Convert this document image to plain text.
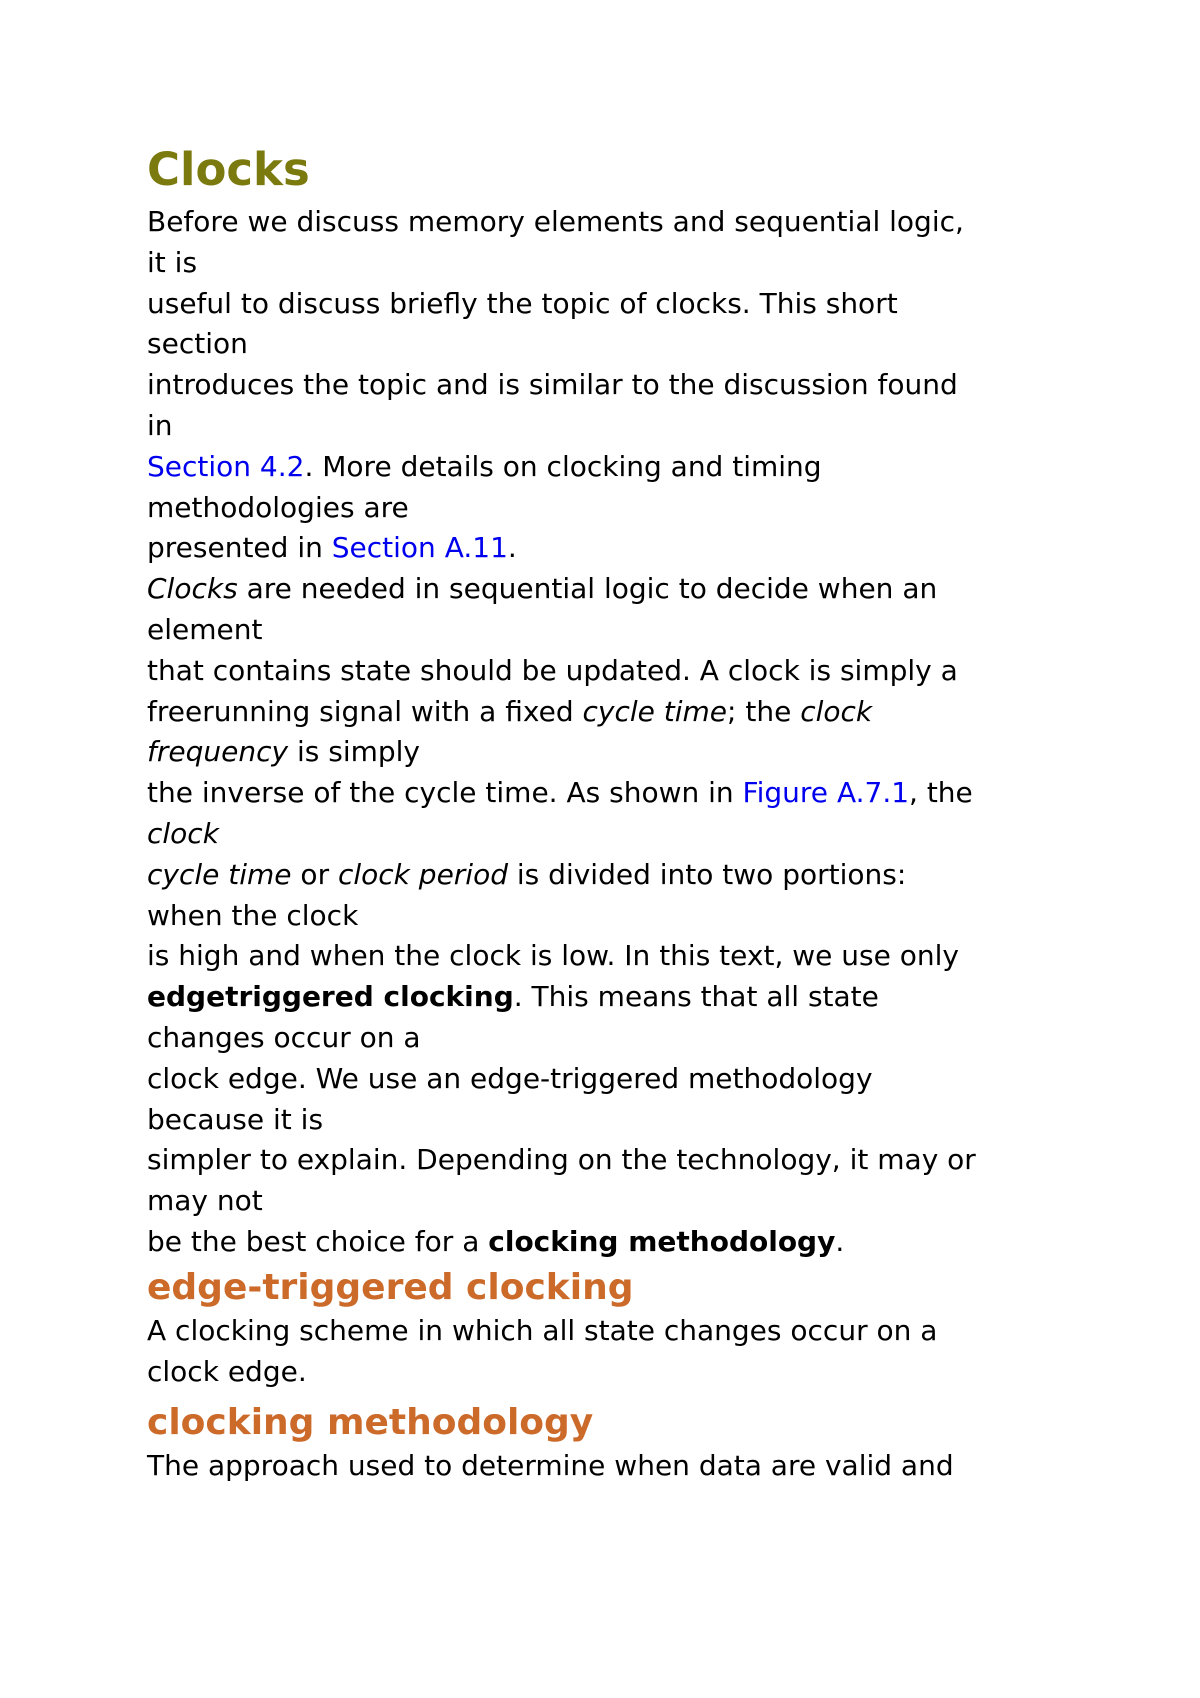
Clocks

Before we discuss memory elements and sequential logic,

it is

useful to discuss briefly the topic of clocks. This short

section

introduces the topic and is similar to the discussion found

in

Section 4.2. More details on clocking and timing

methodologies are

presented in Section A.11.

Clocks are needed in sequential logic to decide when an

element

that contains state should be updated. A clock is simply a

freerunning signal with a fixed cycle time; the clock

frequency is simply

the inverse of the cycle time. As shown in Figure A.7.1, the

clock

cycle time or clock period is divided into two portions:

when the clock

is high and when the clock is low. In this text, we use only

edgetriggered clocking. This means that all state

changes occur on a

clock edge. We use an edge-triggered methodology

because it is

simpler to explain. Depending on the technology, it may or

may not

be the best choice for a clocking methodology.

edge-triggered clocking

A clocking scheme in which all state changes occur on a

clock edge.

clocking methodology

The approach used to determine when data are valid and
